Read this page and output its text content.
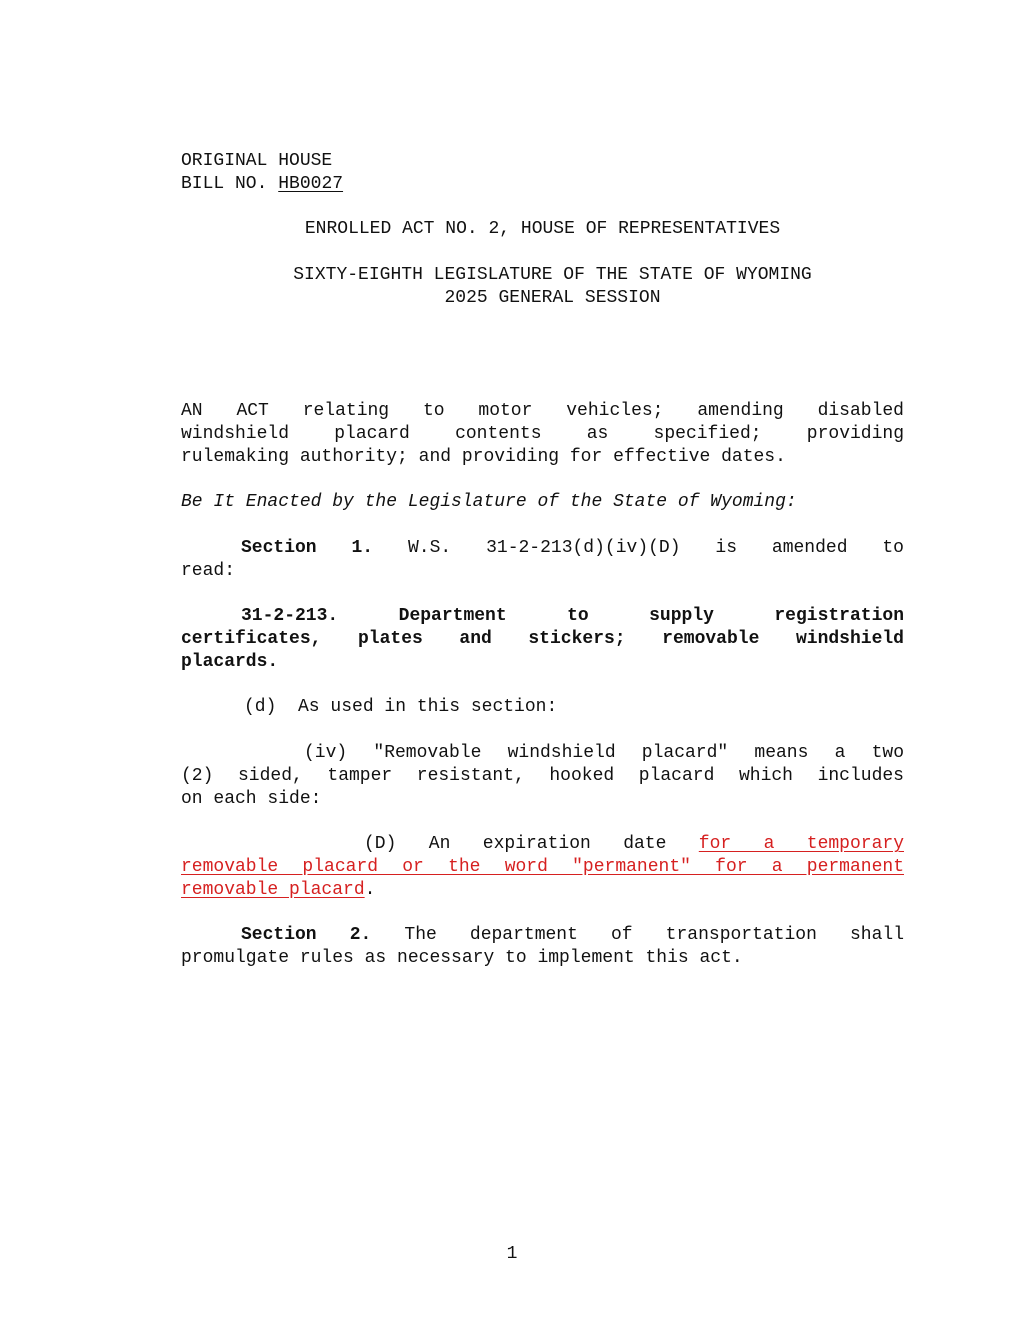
ORIGINAL HOUSE
BILL NO. HB0027
ENROLLED ACT NO. 2, HOUSE OF REPRESENTATIVES
SIXTY-EIGHTH LEGISLATURE OF THE STATE OF WYOMING
2025 GENERAL SESSION
AN ACT relating to motor vehicles; amending disabled
windshield placard contents as specified; providing
rulemaking authority; and providing for effective dates.
Be It Enacted by the Legislature of the State of Wyoming:
Section 1. W.S. 31-2-213(d)(iv)(D) is amended to
read:
31-2-213. Department to supply registration
certificates, plates and stickers; removable windshield
placards.
(d)  As used in this section:
(iv) "Removable windshield placard" means a two
(2) sided, tamper resistant, hooked placard which includes
on each side:
(D) An expiration date for a temporary
removable placard or the word "permanent" for a permanent
removable placard.
Section 2. The department of transportation shall
promulgate rules as necessary to implement this act.
1
